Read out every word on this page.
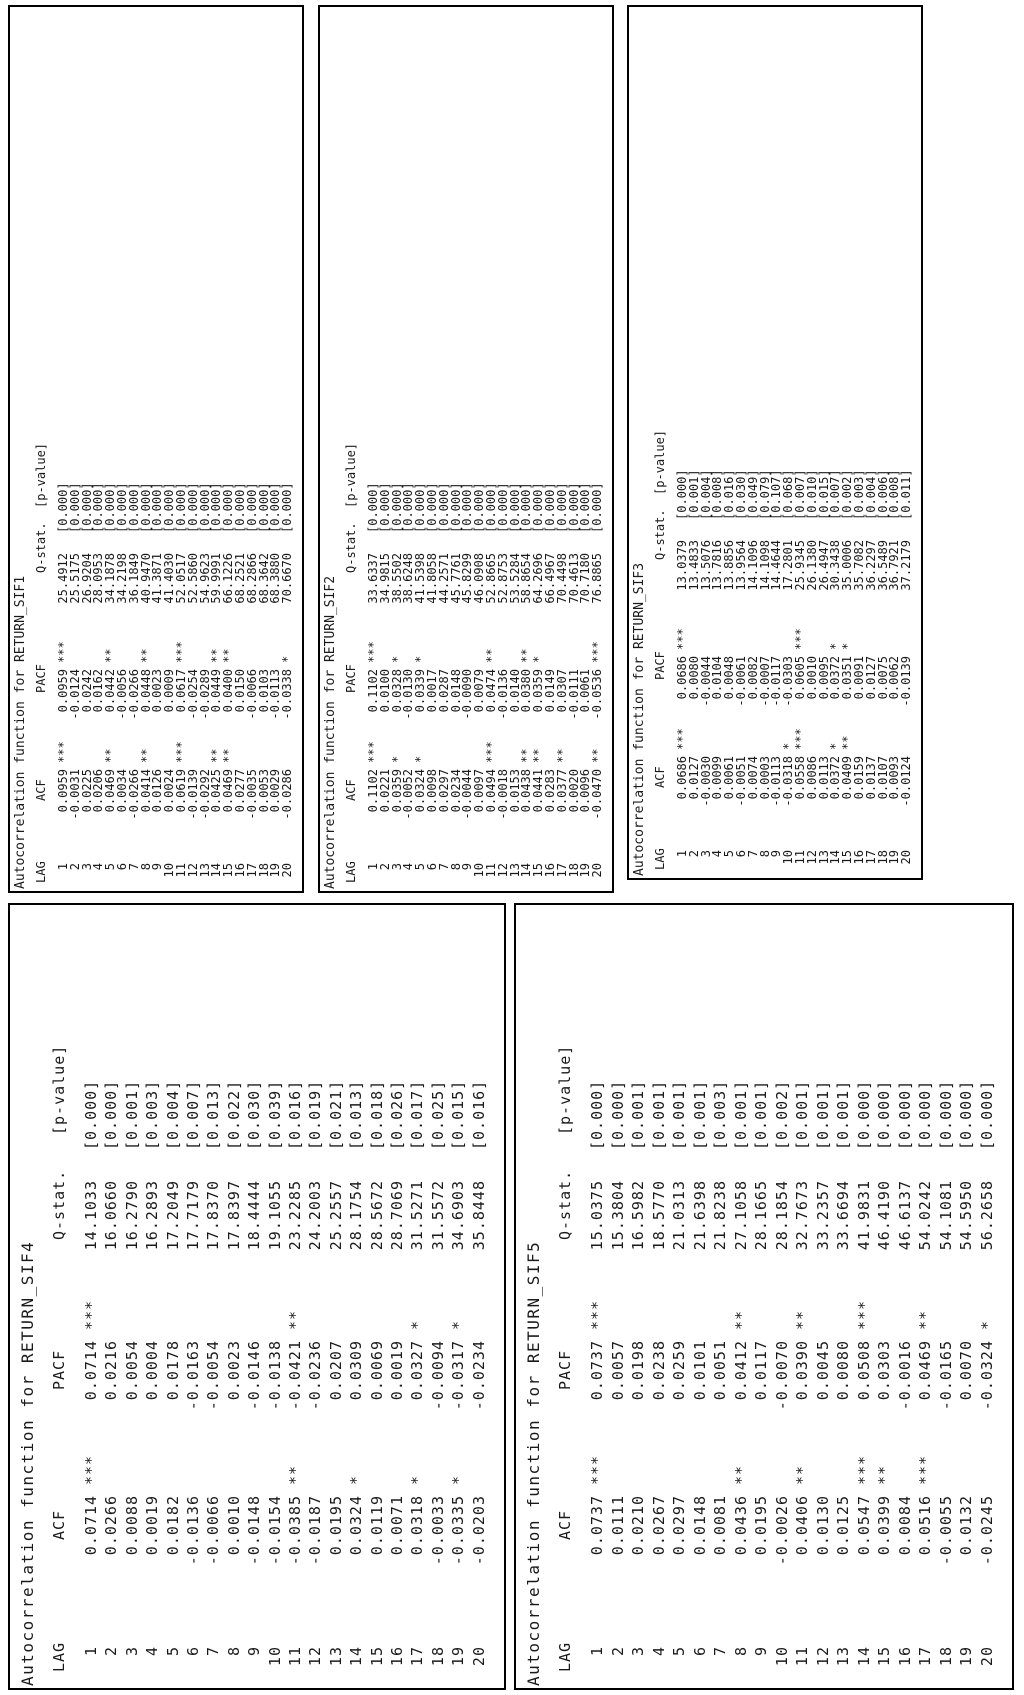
Autocorrelation function for RETURN_SIF1 LAG
ACF
PACF
Q-stat.
[p-value]
1
0.0959
***
0.0959
***
25.4912
[0.000]
2
-0.0031
-0.0124
25.5175
[0.000]
3
0.0225
0.0242
26.9204
[0.000]
4
0.0206
0.0162
28.0953
[0.000]
5
0.0469
**
0.0442
**
34.1878
[0.000]
6
0.0034
-0.0056
34.2198
[0.000]
7
-0.0266
-0.0266
36.1849
[0.000]
8
0.0414
**
0.0448
**
40.9470
[0.000]
9
0.0126
0.0023
41.3871
[0.000]
10
0.0024
0.0009
41.4030
[0.000]
11
0.0619
***
0.0617
***
52.0517
[0.000]
12
-0.0139
-0.0254
52.5860
[0.000]
13
-0.0292
-0.0289
54.9623
[0.000]
14
0.0425
**
0.0449
**
59.9991
[0.000]
15
0.0469
**
0.0400
**
66.1226
[0.000]
16
0.0277
0.0150
68.2521
[0.000]
17
-0.0035
-0.0066
68.2866
[0.000]
18
0.0053
0.0103
68.3642
[0.000]
19
0.0029
-0.0113
68.3880
[0.000]
20
-0.0286
-0.0338
*
70.6670
[0.000]
Autocorrelation function for RETURN_SIF2 LAG
ACF
PACF
Q-stat.
[p-value]
1
0.1102
***
0.1102
***
33.6337
[0.000]
2
0.0221
0.0100
34.9815
[0.000]
3
0.0359
*
0.0328
*
38.5502
[0.000]
4
-0.0052
-0.0130
38.6248
[0.000]
5
0.0324
*
0.0339
*
41.5398
[0.000]
6
0.0098
0.0017
41.8058
[0.000]
7
0.0297
0.0287
44.2571
[0.000]
8
0.0234
0.0148
45.7761
[0.000]
9
-0.0044
-0.0090
45.8299
[0.000]
10
0.0097
0.0079
46.0908
[0.000]
11
0.0494
***
0.0474
**
52.8665
[0.000]
12
-0.0018
-0.0136
52.8753
[0.000]
13
0.0153
0.0140
53.5284
[0.000]
14
0.0438
**
0.0380
**
58.8654
[0.000]
15
0.0441
**
0.0359
*
64.2696
[0.000]
16
0.0283
0.0149
66.4967
[0.000]
17
0.0377
**
0.0307
70.4498
[0.000]
18
0.0020
-0.0111
70.4613
[0.000]
19
0.0096
0.0061
70.7180
[0.000]
20
-0.0470
**
-0.0536
***
76.8865
[0.000]
Autocorrelation function for RETURN_SIF3 LAG
ACF
PACF
Q-stat.
[p-value]
1
0.0686
***
0.0686
***
13.0379
[0.000]
2
0.0127
0.0080
13.4833
[0.001]
3
-0.0030
-0.0044
13.5076
[0.004]
4
0.0099
0.0104
13.7816
[0.008]
5
0.0061
0.0048
13.8856
[0.016]
6
-0.0051
-0.0061
13.9564
[0.030]
7
0.0074
0.0082
14.1096
[0.049]
8
0.0003
-0.0007
14.1098
[0.079]
9
-0.0113
-0.0117
14.4644
[0.107]
10
-0.0318
*
-0.0303
17.2801
[0.068]
11
0.0558
***
0.0605
***
25.9345
[0.007]
12
0.0086
0.0010
26.1380
[0.010]
13
0.0113
0.0095
26.4947
[0.015]
14
0.0372
*
0.0372
*
30.3438
[0.007]
15
0.0409
**
0.0351
*
35.0006
[0.002]
16
0.0159
0.0091
35.7082
[0.003]
17
0.0137
0.0127
36.2297
[0.004]
18
0.0107
0.0075
36.5489
[0.006]
19
0.0093
0.0062
36.7921
[0.008]
20
-0.0124
-0.0139
37.2179
[0.011]
Autocorrelation function for RETURN_SIF4 LAG
ACF
PACF
Q-stat.
[p-value]
1
0.0714
***
0.0714
***
14.1033
[0.000]
2
0.0266
0.0216
16.0660
[0.000]
3
0.0088
0.0054
16.2790
[0.001]
4
0.0019
0.0004
16.2893
[0.003]
5
0.0182
0.0178
17.2049
[0.004]
6
-0.0136
-0.0163
17.7179
[0.007]
7
-0.0066
-0.0054
17.8370
[0.013]
8
0.0010
0.0023
17.8397
[0.022]
9
-0.0148
-0.0146
18.4444
[0.030]
10
-0.0154
-0.0138
19.1055
[0.039]
11
-0.0385
**
-0.0421
**
23.2285
[0.016]
12
-0.0187
-0.0236
24.2003
[0.019]
13
0.0195
0.0207
25.2557
[0.021]
14
0.0324
*
0.0309
28.1754
[0.013]
15
0.0119
0.0069
28.5672
[0.018]
16
0.0071
0.0019
28.7069
[0.026]
17
0.0318
*
0.0327
*
31.5271
[0.017]
18
-0.0033
-0.0094
31.5572
[0.025]
19
-0.0335
*
-0.0317
*
34.6903
[0.015]
20
-0.0203
-0.0234
35.8448
[0.016]
Autocorrelation function for RETURN_SIF5 LAG
ACF
PACF
Q-stat.
[p-value]
1
0.0737
***
0.0737
***
15.0375
[0.000]
2
0.0111
0.0057
15.3804
[0.000]
3
0.0210
0.0198
16.5982
[0.001]
4
0.0267
0.0238
18.5770
[0.001]
5
0.0297
0.0259
21.0313
[0.001]
6
0.0148
0.0101
21.6398
[0.001]
7
0.0081
0.0051
21.8238
[0.003]
8
0.0436
**
0.0412
**
27.1058
[0.001]
9
0.0195
0.0117
28.1665
[0.001]
10
-0.0026
-0.0070
28.1854
[0.002]
11
0.0406
**
0.0390
**
32.7673
[0.001]
12
0.0130
0.0045
33.2357
[0.001]
13
0.0125
0.0080
33.6694
[0.001]
14
0.0547
***
0.0508
***
41.9831
[0.000]
15
0.0399
**
0.0303
46.4190
[0.000]
16
0.0084
-0.0016
46.6137
[0.000]
17
0.0516
***
0.0469
**
54.0242
[0.000]
18
-0.0055
-0.0165
54.1081
[0.000]
19
0.0132
0.0070
54.5950
[0.000]
20
-0.0245
-0.0324
*
56.2658
[0.000]
